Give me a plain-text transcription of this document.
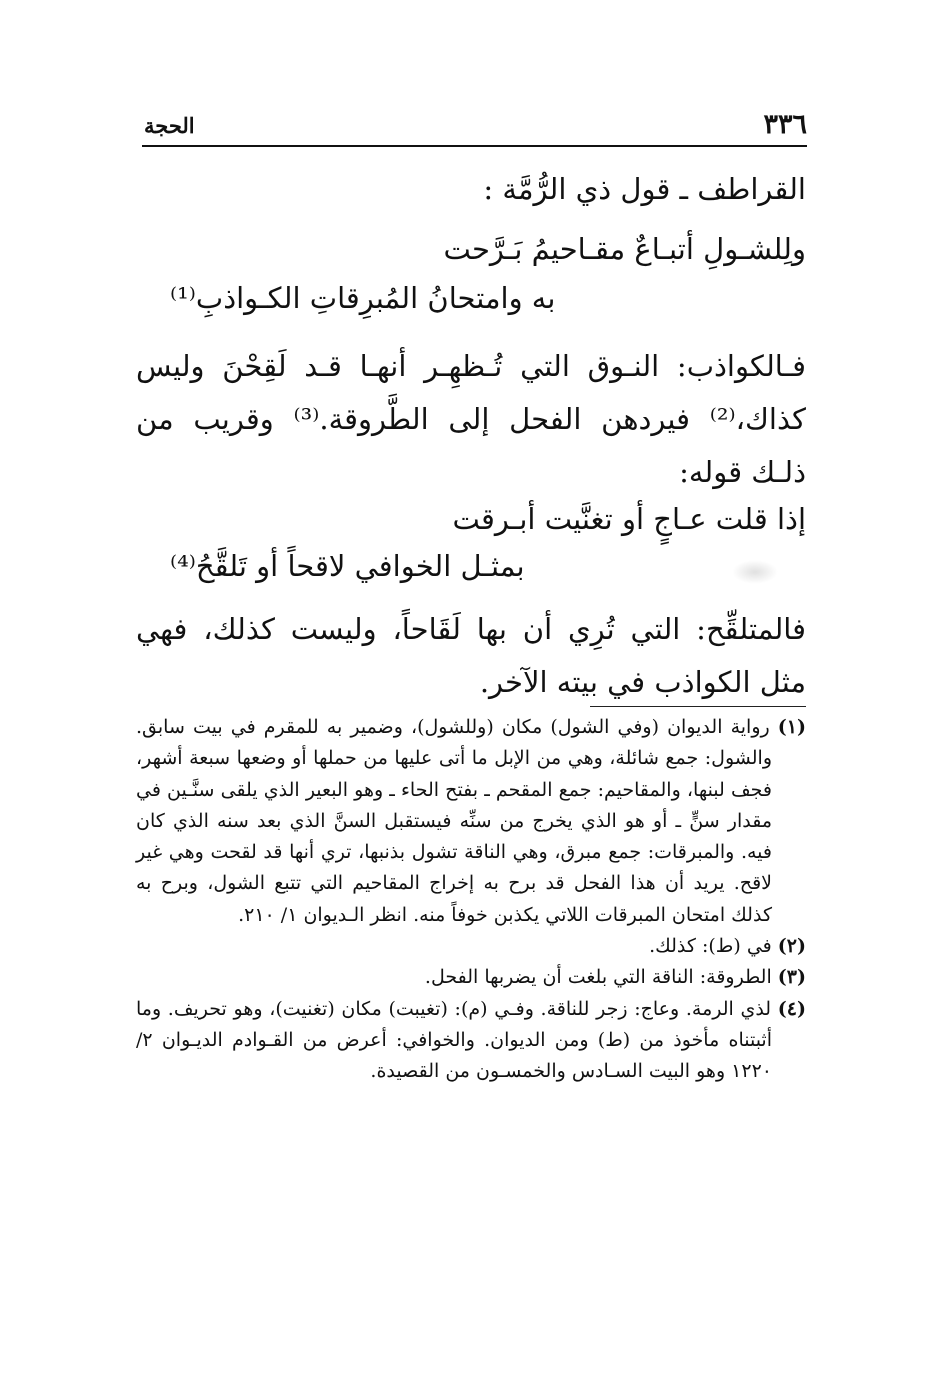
٣٣٦
الحجة
القراطف ـ قول ذي الرُّمَّة :
ولِلشـولِ أتبـاعٌ مقـاحيمُ بَـرَّحت
به وامتحانُ المُبرِقاتِ الكـواذبِ⁽¹⁾

فـالكواذب: النـوق التي تُـظهِـر أنهـا قـد لَقِحْنَ وليس كذاك،⁽²⁾ فيردهن الفحل إلى الطَّروقة.⁽³⁾ وقريب من ذلـك قوله:

إذا قلت عـاجٍ أو تغنَّيت أبـرقت
بمثـل الخوافي لاقحاً أو تَلقَّحُ⁽⁴⁾

فالمتلقِّح: التي تُرِي أن بها لَقَاحاً، وليست كذلك، فهي مثل الكواذب في بيته الآخر.

(١) رواية الديوان (وفي الشول) مكان (وللشول)، وضمير به للمقرم في بيت سابق. والشول: جمع شائلة، وهي من الإبل ما أتى عليها من حملها أو وضعها سبعة أشهر، فجف لبنها، والمقاحيم: جمع المقحم ـ بفتح الحاء ـ وهو البعير الذي يلقى سنَّـين في مقدار سنٍّ ـ أو هو الذي يخرج من سنِّه فيستقبل السنَّ الذي بعد سنه الذي كان فيه. والمبرقات: جمع مبرق، وهي الناقة تشول بذنبها، تري أنها قد لقحت وهي غير لاقح. يريد أن هذا الفحل قد برح به إخراج المقاحيم التي تتبع الشول، وبرح به كذلك امتحان المبرقات اللاتي يكذبن خوفاً منه. انظر الـديوان ١/ ٢١٠.

(٢) في (ط): كذلك.

(٣) الطروقة: الناقة التي بلغت أن يضربها الفحل.

(٤) لذي الرمة. وعاج: زجر للناقة. وفـي (م): (تغيبت) مكان (تغنيت)، وهو تحريف. وما أثبتناه مأخوذ من (ط) ومن الديوان. والخوافي: أعرض من القـوادم الديـوان ٢/ ١٢٢٠ وهو البيت السـادس والخمسـون من القصيدة.
